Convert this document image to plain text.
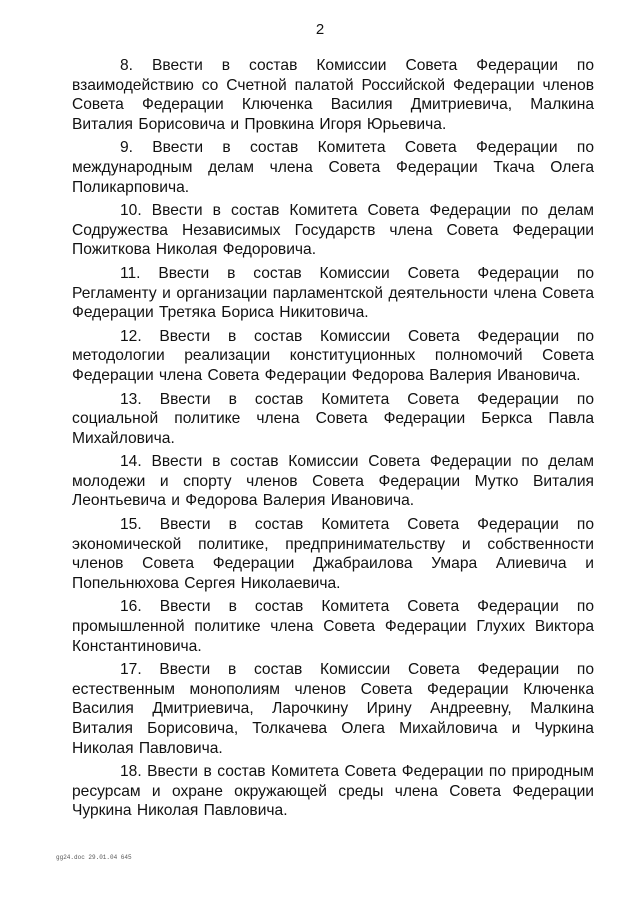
2

8. Ввести в состав Комиссии Совета Федерации по взаимодействию со Счетной палатой Российской Федерации членов Совета Федерации Ключенка Василия Дмитриевича, Малкина Виталия Борисовича и Провкина Игоря Юрьевича.

9. Ввести в состав Комитета Совета Федерации по международным делам члена Совета Федерации Ткача Олега Поликарповича.

10. Ввести в состав Комитета Совета Федерации по делам Содружества Независимых Государств члена Совета Федерации Пожиткова Николая Федоровича.

11. Ввести в состав Комиссии Совета Федерации по Регламенту и организации парламентской деятельности члена Совета Федерации Третяка Бориса Никитовича.

12. Ввести в состав Комиссии Совета Федерации по методологии реализации конституционных полномочий Совета Федерации члена Совета Федерации Федорова Валерия Ивановича.

13. Ввести в состав Комитета Совета Федерации по социальной политике члена Совета Федерации Беркса Павла Михайловича.

14. Ввести в состав Комиссии Совета Федерации по делам молодежи и спорту членов Совета Федерации Мутко Виталия Леонтьевича и Федорова Валерия Ивановича.

15. Ввести в состав Комитета Совета Федерации по экономической политике, предпринимательству и собственности членов Совета Федерации Джабраилова Умара Алиевича и Попельнюхова Сергея Николаевича.

16. Ввести в состав Комитета Совета Федерации по промышленной политике члена Совета Федерации Глухих Виктора Константиновича.

17. Ввести в состав Комиссии Совета Федерации по естественным монополиям членов Совета Федерации Ключенка Василия Дмитриевича, Ларочкину Ирину Андреевну, Малкина Виталия Борисовича, Толкачева Олега Михайловича и Чуркина Николая Павловича.

18. Ввести в состав Комитета Совета Федерации по природным ресурсам и охране окружающей среды члена Совета Федерации Чуркина Николая Павловича.

gg24.doc 29.01.04 645
